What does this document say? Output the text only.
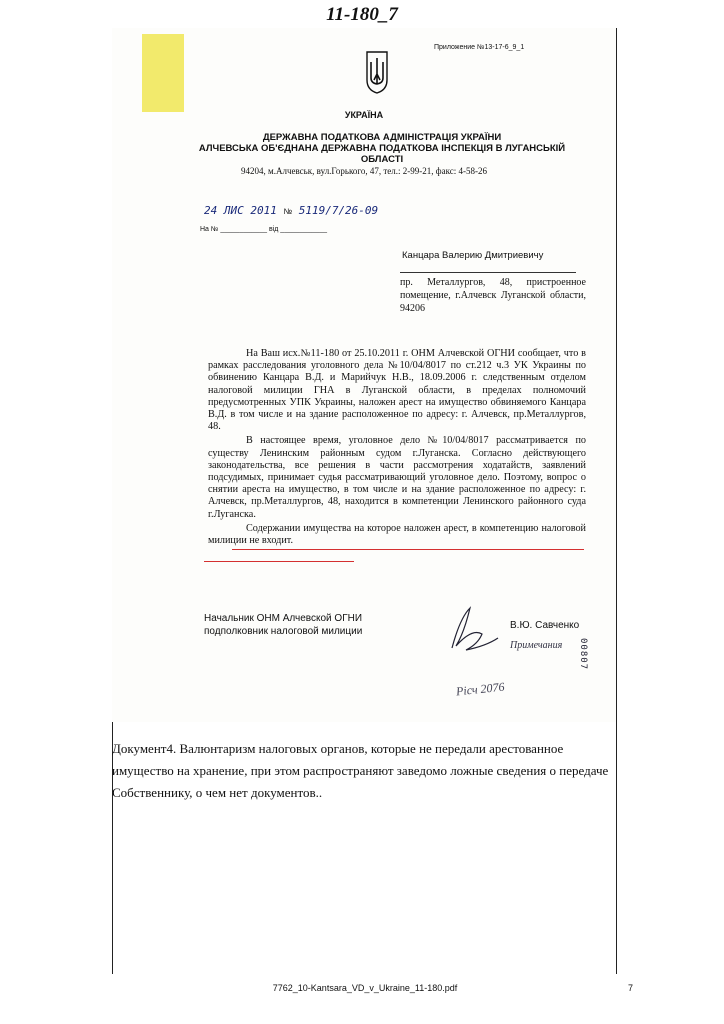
11-180_7
Приложение №13-17-6_9_1
УКРАЇНА
ДЕРЖАВНА ПОДАТКОВА АДМІНІСТРАЦІЯ УКРАЇНИ
АЛЧЕВСЬКА ОБ'ЄДНАНА ДЕРЖАВНА ПОДАТКОВА ІНСПЕКЦІЯ В ЛУГАНСЬКІЙ
ОБЛАСТІ
94204, м.Алчевськ, вул.Горького, 47, тел.: 2-99-21, факс: 4-58-26
24 ЛИС 2011 № 5119/7/26-09
На № ____________ від ____________
Канцара Валерию Дмитриевичу
пр. Металлургов, 48, пристроенное помещение, г.Алчевск Луганской области, 94206

На Ваш исх.№11-180 от 25.10.2011 г. ОНМ Алчевской ОГНИ сообщает, что в рамках расследования уголовного дела №10/04/8017 по ст.212 ч.3 УК Украины по обвинению Канцара В.Д. и Марийчук Н.В., 18.09.2006 г. следственным отделом налоговой милиции ГНА в Луганской области, в пределах полномочий предусмотренных УПК Украины, наложен арест на имущество обвиняемого Канцара В.Д. в том числе и на здание расположенное по адресу: г. Алчевск, пр.Металлургов, 48.

В настоящее время, уголовное дело №10/04/8017 рассматривается по существу Ленинским районным судом г.Луганска. Согласно действующего законодательства, все решения в части рассмотрения ходатайств, заявлений подсудимых, принимает судья рассматривающий уголовное дело. Поэтому, вопрос о снятии ареста на имущество, в том числе и на здание расположенное по адресу: г. Алчевск, пр.Металлургов, 48, находится в компетенции Ленинского районного суда г.Луганска.

Содержании имущества на которое наложен арест, в компетенцию налоговой милиции не входит.

Начальник ОНМ Алчевской ОГНИ
подполковник налоговой милиции
В.Ю. Савченко
Примечания
Рісч 2076
00807
Документ4. Валюнтаризм налоговых органов, которые не передали арестованное имущество на хранение, при этом распространяют заведомо ложные сведения о передаче Собственнику, о чем нет документов..
7762_10-Kantsara_VD_v_Ukraine_11-180.pdf	7
